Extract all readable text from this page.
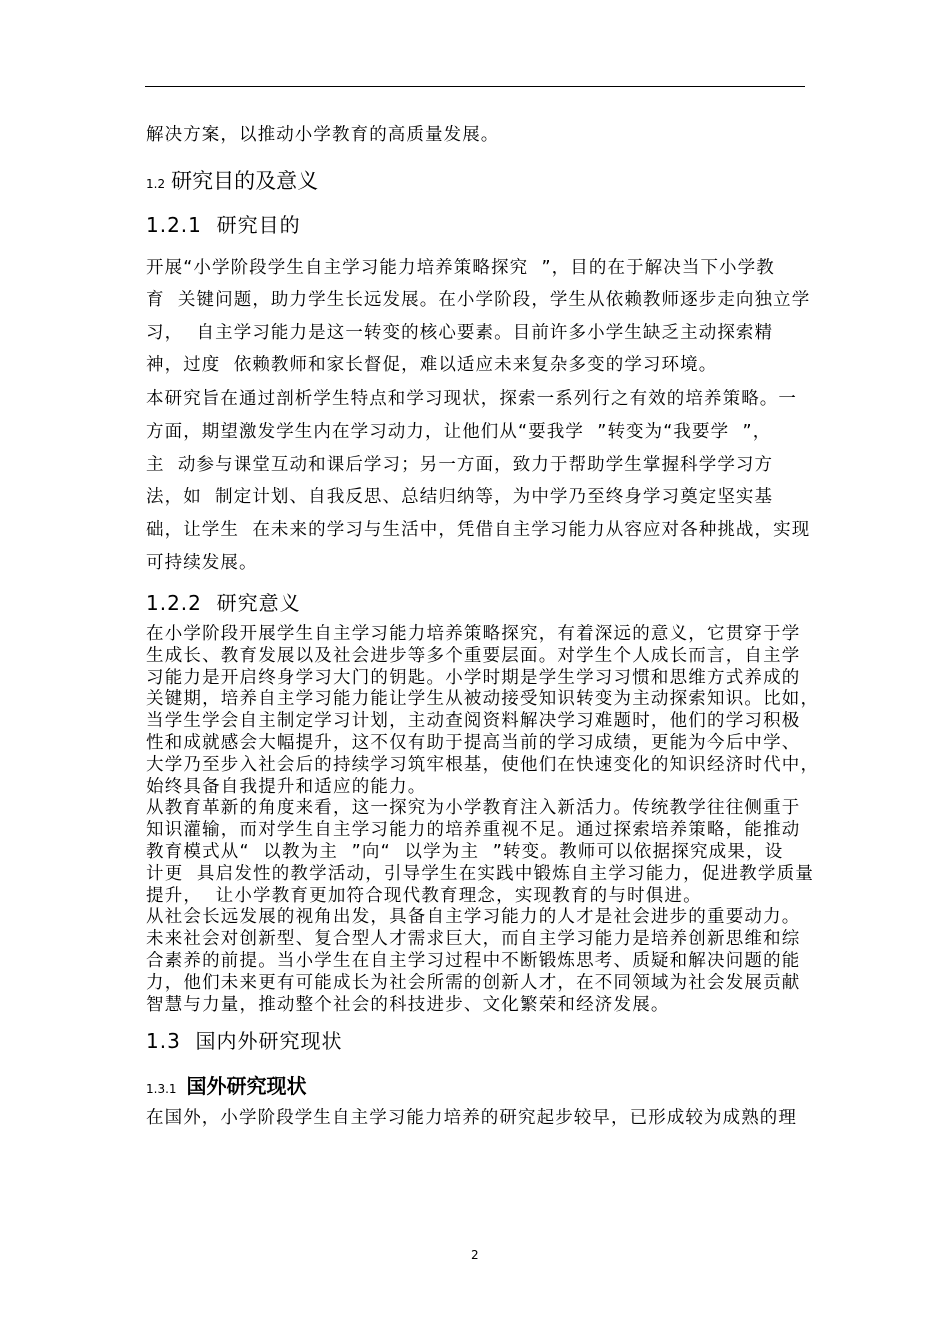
解决方案，以推动小学教育的高质量发展。
1.2 研究目的及意义
1.2.1  研究目的
开展“小学阶段学生自主学习能力培养策略探究  ”，目的在于解决当下小学教
育  关键问题，助力学生长远发展。在小学阶段，学生从依赖教师逐步走向独立学
习，  自主学习能力是这一转变的核心要素。目前许多小学生缺乏主动探索精
神，过度  依赖教师和家长督促，难以适应未来复杂多变的学习环境。
本研究旨在通过剖析学生特点和学习现状，探索一系列行之有效的培养策略。一
方面，期望激发学生内在学习动力，让他们从“要我学  ”转变为“我要学  ”，
主  动参与课堂互动和课后学习；另一方面，致力于帮助学生掌握科学学习方
法，如  制定计划、自我反思、总结归纳等，为中学乃至终身学习奠定坚实基
础，让学生  在未来的学习与生活中，凭借自主学习能力从容应对各种挑战，实现
可持续发展。
1.2.2  研究意义
在小学阶段开展学生自主学习能力培养策略探究，有着深远的意义，它贯穿于学
生成长、教育发展以及社会进步等多个重要层面。对学生个人成长而言，自主学
习能力是开启终身学习大门的钥匙。小学时期是学生学习习惯和思维方式养成的
关键期，培养自主学习能力能让学生从被动接受知识转变为主动探索知识。比如，
当学生学会自主制定学习计划，主动查阅资料解决学习难题时，他们的学习积极
性和成就感会大幅提升，这不仅有助于提高当前的学习成绩，更能为今后中学、
大学乃至步入社会后的持续学习筑牢根基，使他们在快速变化的知识经济时代中，
始终具备自我提升和适应的能力。
从教育革新的角度来看，这一探究为小学教育注入新活力。传统教学往往侧重于
知识灌输，而对学生自主学习能力的培养重视不足。通过探索培养策略，能推动
教育模式从“  以教为主  ”向“  以学为主  ”转变。教师可以依据探究成果，设
计更  具启发性的教学活动，引导学生在实践中锻炼自主学习能力，促进教学质量
提升，  让小学教育更加符合现代教育理念，实现教育的与时俱进。
从社会长远发展的视角出发，具备自主学习能力的人才是社会进步的重要动力。
未来社会对创新型、复合型人才需求巨大，而自主学习能力是培养创新思维和综
合素养的前提。当小学生在自主学习过程中不断锻炼思考、质疑和解决问题的能
力，他们未来更有可能成长为社会所需的创新人才，在不同领域为社会发展贡献
智慧与力量，推动整个社会的科技进步、文化繁荣和经济发展。
1.3  国内外研究现状
1.3.1 国外研究现状
在国外，小学阶段学生自主学习能力培养的研究起步较早，已形成较为成熟的理
2
